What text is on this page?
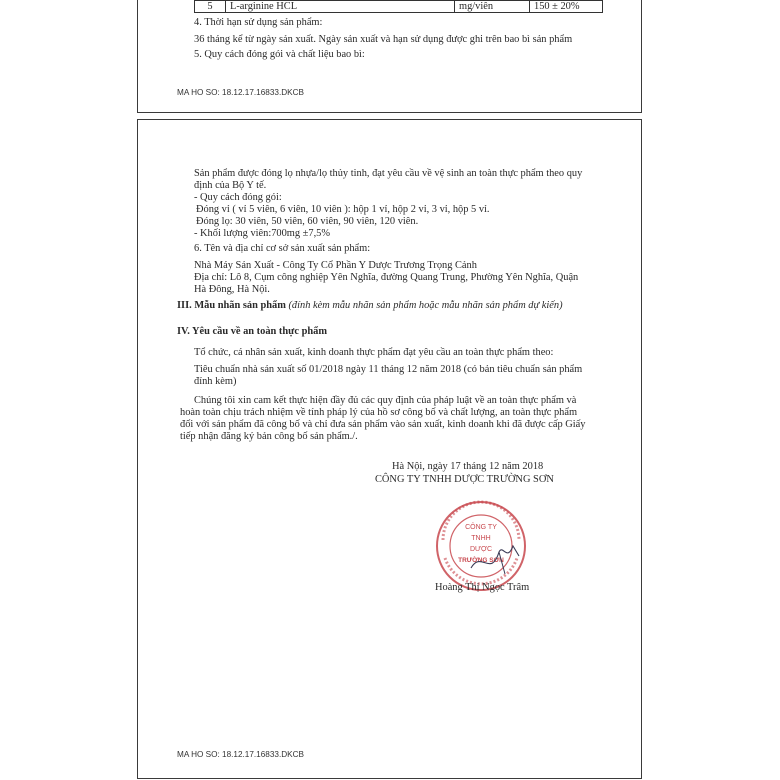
5	L-arginine HCL	mg/viên	150 ± 20%
4. Thời hạn sử dụng sản phẩm:
36 tháng kể từ ngày sản xuất. Ngày sản xuất và hạn sử dụng được ghi trên bao bì sản phẩm
5. Quy cách đóng gói và chất liệu bao bì:
MA HO SO: 18.12.17.16833.DKCB
Sản phẩm được đóng lọ nhựa/lọ thủy tinh, đạt yêu cầu về vệ sinh an toàn thực phẩm theo quy
định của Bộ Y tế.
- Quy cách đóng gói:
Đóng vỉ ( vỉ 5 viên, 6 viên, 10 viên ): hộp 1 vỉ, hộp 2 vỉ, 3 vỉ, hộp 5 vỉ.
Đóng lọ: 30 viên, 50 viên, 60 viên, 90 viên, 120 viên.
- Khối lượng viên:700mg ±7,5%
6. Tên và địa chỉ cơ sở sản xuất sản phẩm:
Nhà Máy Sản Xuất - Công Ty Cổ Phần Y Dược Trương Trọng Cảnh
Địa chỉ: Lô 8, Cụm công nghiệp Yên Nghĩa, đường Quang Trung, Phường Yên Nghĩa, Quận
Hà Đông, Hà Nội.
III. Mẫu nhãn sản phẩm (đính kèm mẫu nhãn sản phẩm hoặc mẫu nhãn sản phẩm dự kiến)
IV. Yêu cầu về an toàn thực phẩm
Tổ chức, cá nhân sản xuất, kinh doanh thực phẩm đạt yêu cầu an toàn thực phẩm theo:
Tiêu chuẩn nhà sản xuất số 01/2018 ngày 11 tháng 12 năm 2018 (có bản tiêu chuẩn sản phẩm
đính kèm)
Chúng tôi xin cam kết thực hiện đầy đủ các quy định của pháp luật về an toàn thực phẩm và
hoàn toàn chịu trách nhiệm về tính pháp lý của hồ sơ công bố và chất lượng, an toàn thực phẩm
đối với sản phẩm đã công bố và chỉ đưa sản phẩm vào sản xuất, kinh doanh khi đã được cấp Giấy
tiếp nhận đăng ký bản công bố sản phẩm./.
Hà Nội, ngày 17 tháng 12 năm 2018
CÔNG TY TNHH DƯỢC TRƯỜNG SƠN
CÔNG TY
TNHH
DƯỢC
TRƯỜNG SƠN
Hoàng Thị Ngọc Trâm
MA HO SO: 18.12.17.16833.DKCB
